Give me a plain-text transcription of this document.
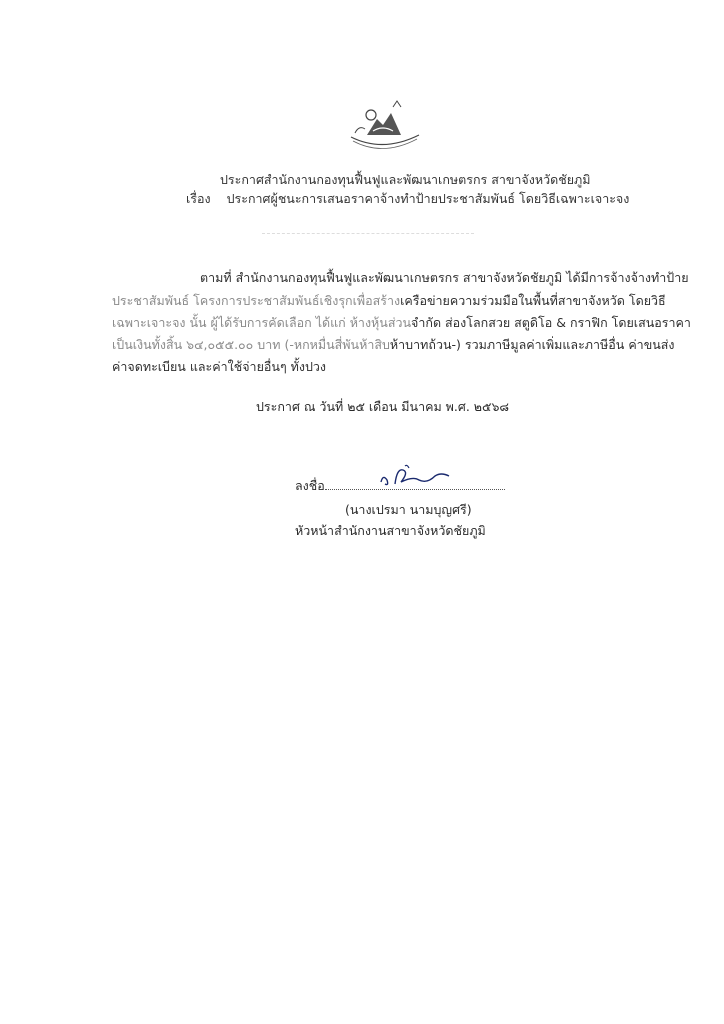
ประกาศสำนักงานกองทุนฟื้นฟูและพัฒนาเกษตรกร สาขาจังหวัดชัยภูมิ
เรื่อง ประกาศผู้ชนะการเสนอราคาจ้างทำป้ายประชาสัมพันธ์ โดยวิธีเฉพาะเจาะจง
ตามที่ สำนักงานกองทุนฟื้นฟูและพัฒนาเกษตรกร สาขาจังหวัดชัยภูมิ ได้มีการจ้างจ้างทำป้าย
ประชาสัมพันธ์ โครงการประชาสัมพันธ์เชิงรุกเพื่อสร้างเครือข่ายความร่วมมือในพื้นที่สาขาจังหวัด โดยวิธี
เฉพาะเจาะจง นั้น ผู้ได้รับการคัดเลือก ได้แก่ ห้างหุ้นส่วนจำกัด ส่องโลกสวย สตูดิโอ & กราฟิก โดยเสนอราคา
เป็นเงินทั้งสิ้น ๖๔,๐๕๕.๐๐ บาท (-หกหมื่นสี่พันห้าสิบห้าบาทถ้วน-) รวมภาษีมูลค่าเพิ่มและภาษีอื่น ค่าขนส่ง
ค่าจดทะเบียน และค่าใช้จ่ายอื่นๆ ทั้งปวง
ประกาศ ณ วันที่ ๒๕ เดือน มีนาคม พ.ศ. ๒๕๖๘
ลงชื่อ
(นางเปรมา นามบุญศรี)
หัวหน้าสำนักงานสาขาจังหวัดชัยภูมิ
